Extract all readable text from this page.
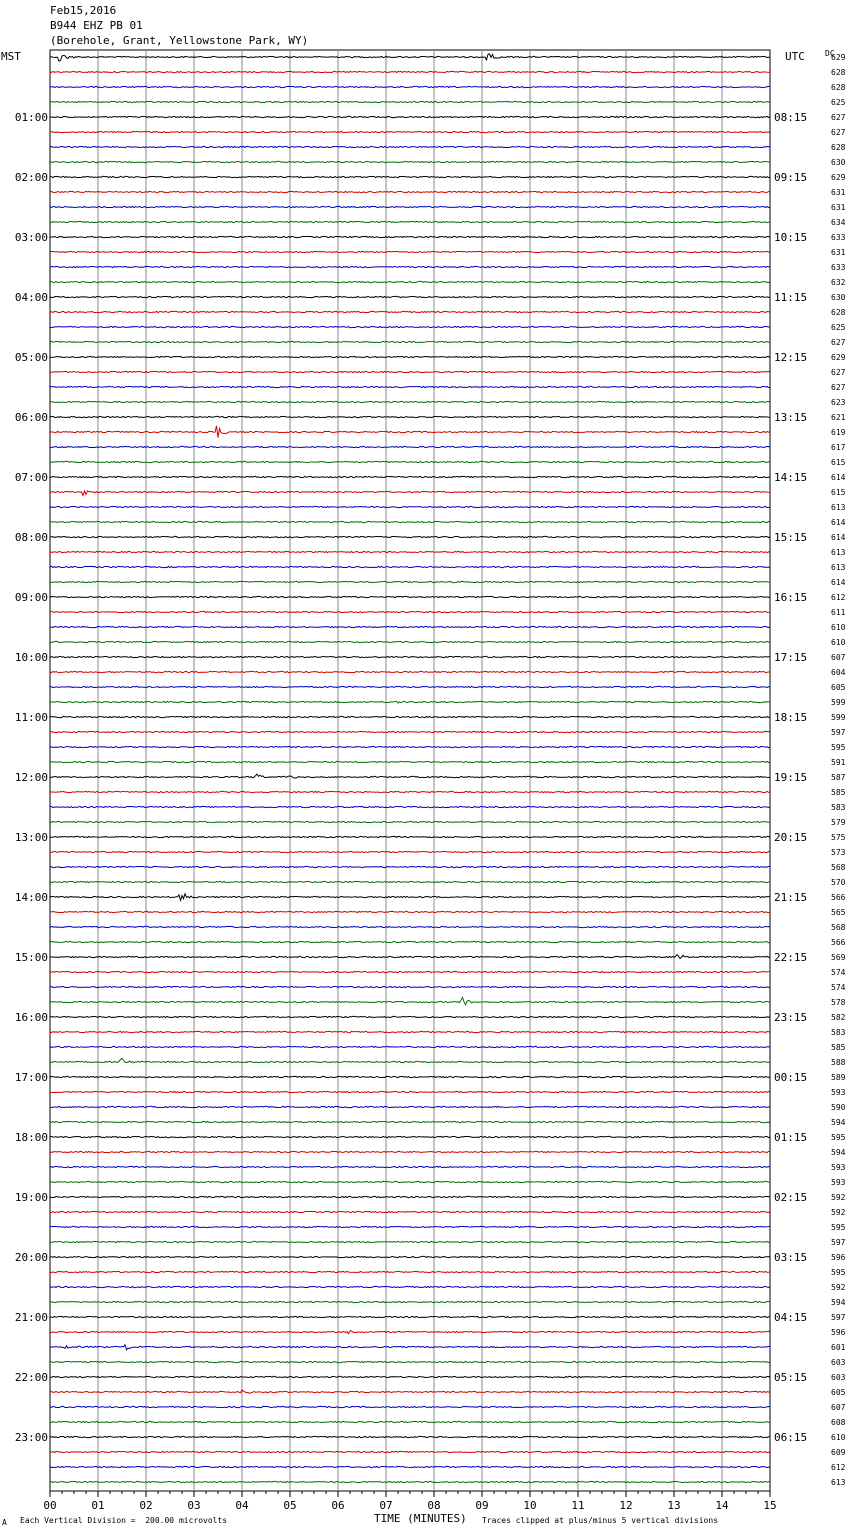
Feb15,2016
B944 EHZ PB 01
(Borehole, Grant, Yellowstone Park, WY)
MST	UTC	DC
629
628
628
625
627
627
628
630
629
631
631
634
633
631
633
632
630
628
625
627
629
627
627
623
621
619
617
615
614
615
613
614
614
613
613
614
612
611
610
610
607
604
605
599
599
597
595
591
587
585
583
579
575
573
568
570
566
565
568
566
569
574
574
578
582
583
585
588
589
593
590
594
595
594
593
593
592
592
595
597
596
595
592
594
597
596
601
603
603
605
607
608
610
609
612
613
01:00
02:00
03:00
04:00
05:00
06:00
07:00
08:00
09:00
10:00
11:00
12:00
13:00
14:00
15:00
16:00
17:00
18:00
19:00
20:00
21:00
22:00
23:00
08:15
09:15
10:15
11:15
12:15
13:15
14:15
15:15
16:15
17:15
18:15
19:15
20:15
21:15
22:15
23:15
00:15
01:15
02:15
03:15
04:15
05:15
06:15
00	01	02	03	04	05	06	07	08	09	10	11	12	13	14	15
A Each Vertical Division =  200.00 microvolts	TIME (MINUTES) Traces clipped at plus/minus 5 vertical divisions
